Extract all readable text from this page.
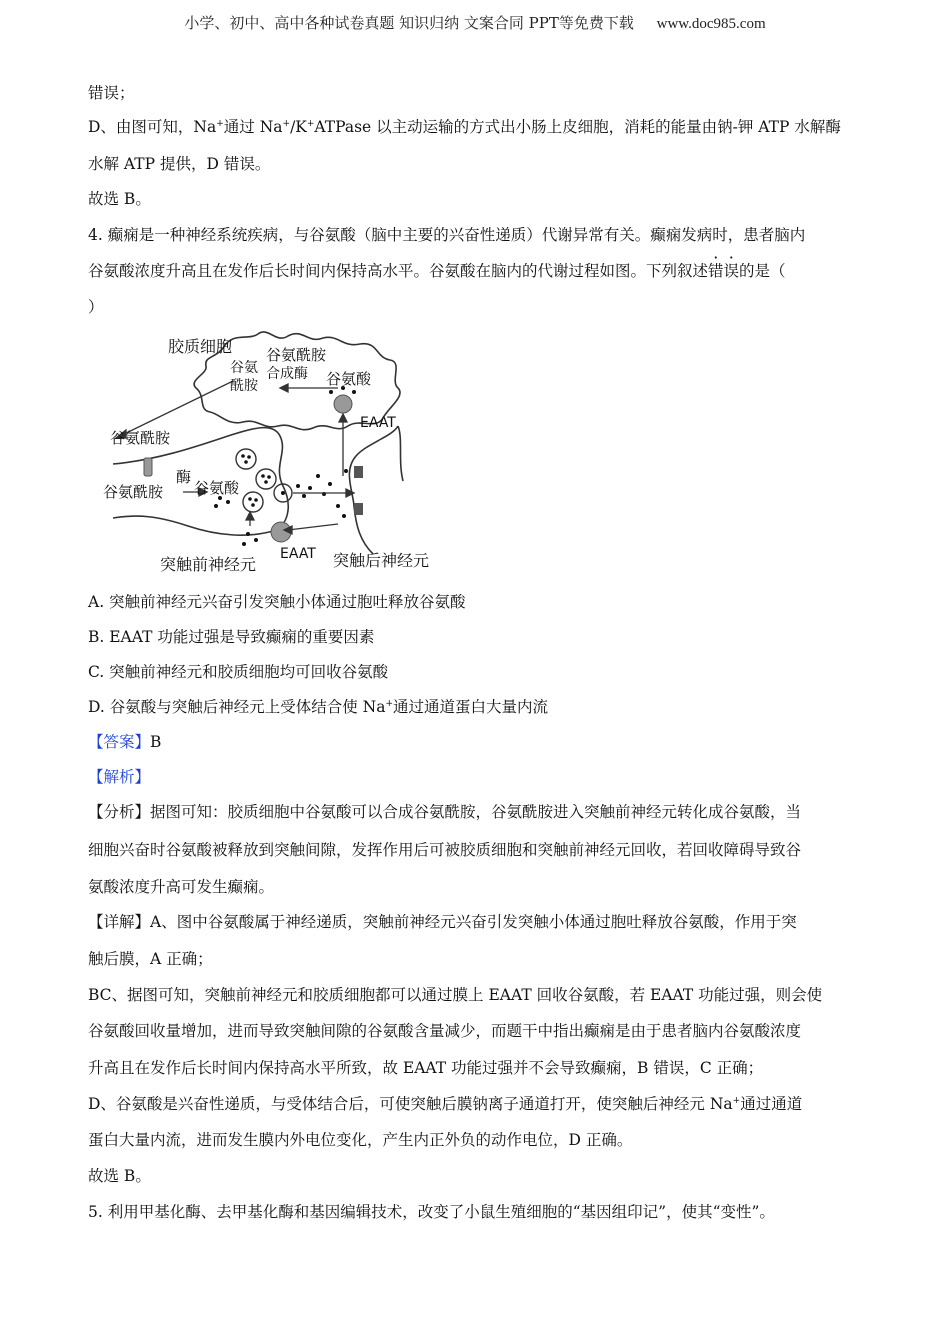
小学、初中、高中各种试卷真题 知识归纳 文案合同 PPT等免费下载 www.doc985.com
错误；
D、由图可知，Na+通过 Na+/K+ATPase 以主动运输的方式出小肠上皮细胞，消耗的能量由钠-钾 ATP 水解酶
水解 ATP 提供，D 错误。
故选 B。
4. 癫痫是一种神经系统疾病，与谷氨酸（脑中主要的兴奋性递质）代谢异常有关。癫痫发病时，患者脑内
谷氨酸浓度升高且在发作后长时间内保持高水平。谷氨酸在脑内的代谢过程如图。下列叙述错误的是（
）
胶质细胞 谷氨酰胺
谷氨 合成酶
酰胺	谷氨酸
EAAT
谷氨酰胺
谷氨酰胺
酶
谷氨酸
EAAT
突触前神经元	突触后神经元
A. 突触前神经元兴奋引发突触小体通过胞吐释放谷氨酸
B. EAAT 功能过强是导致癫痫的重要因素
C. 突触前神经元和胶质细胞均可回收谷氨酸
D. 谷氨酸与突触后神经元上受体结合使 Na+通过通道蛋白大量内流
【答案】B
【解析】
【分析】据图可知：胶质细胞中谷氨酸可以合成谷氨酰胺，谷氨酰胺进入突触前神经元转化成谷氨酸，当
细胞兴奋时谷氨酸被释放到突触间隙，发挥作用后可被胶质细胞和突触前神经元回收，若回收障碍导致谷
氨酸浓度升高可发生癫痫。
【详解】A、图中谷氨酸属于神经递质，突触前神经元兴奋引发突触小体通过胞吐释放谷氨酸，作用于突
触后膜，A 正确；
BC、据图可知，突触前神经元和胶质细胞都可以通过膜上 EAAT 回收谷氨酸，若 EAAT 功能过强，则会使
谷氨酸回收量增加，进而导致突触间隙的谷氨酸含量减少，而题干中指出癫痫是由于患者脑内谷氨酸浓度
升高且在发作后长时间内保持高水平所致，故 EAAT 功能过强并不会导致癫痫，B 错误，C 正确；
D、谷氨酸是兴奋性递质，与受体结合后，可使突触后膜钠离子通道打开，使突触后神经元 Na+通过通道
蛋白大量内流，进而发生膜内外电位变化，产生内正外负的动作电位，D 正确。
故选 B。
5. 利用甲基化酶、去甲基化酶和基因编辑技术，改变了小鼠生殖细胞的“基因组印记”，使其“变性”。
